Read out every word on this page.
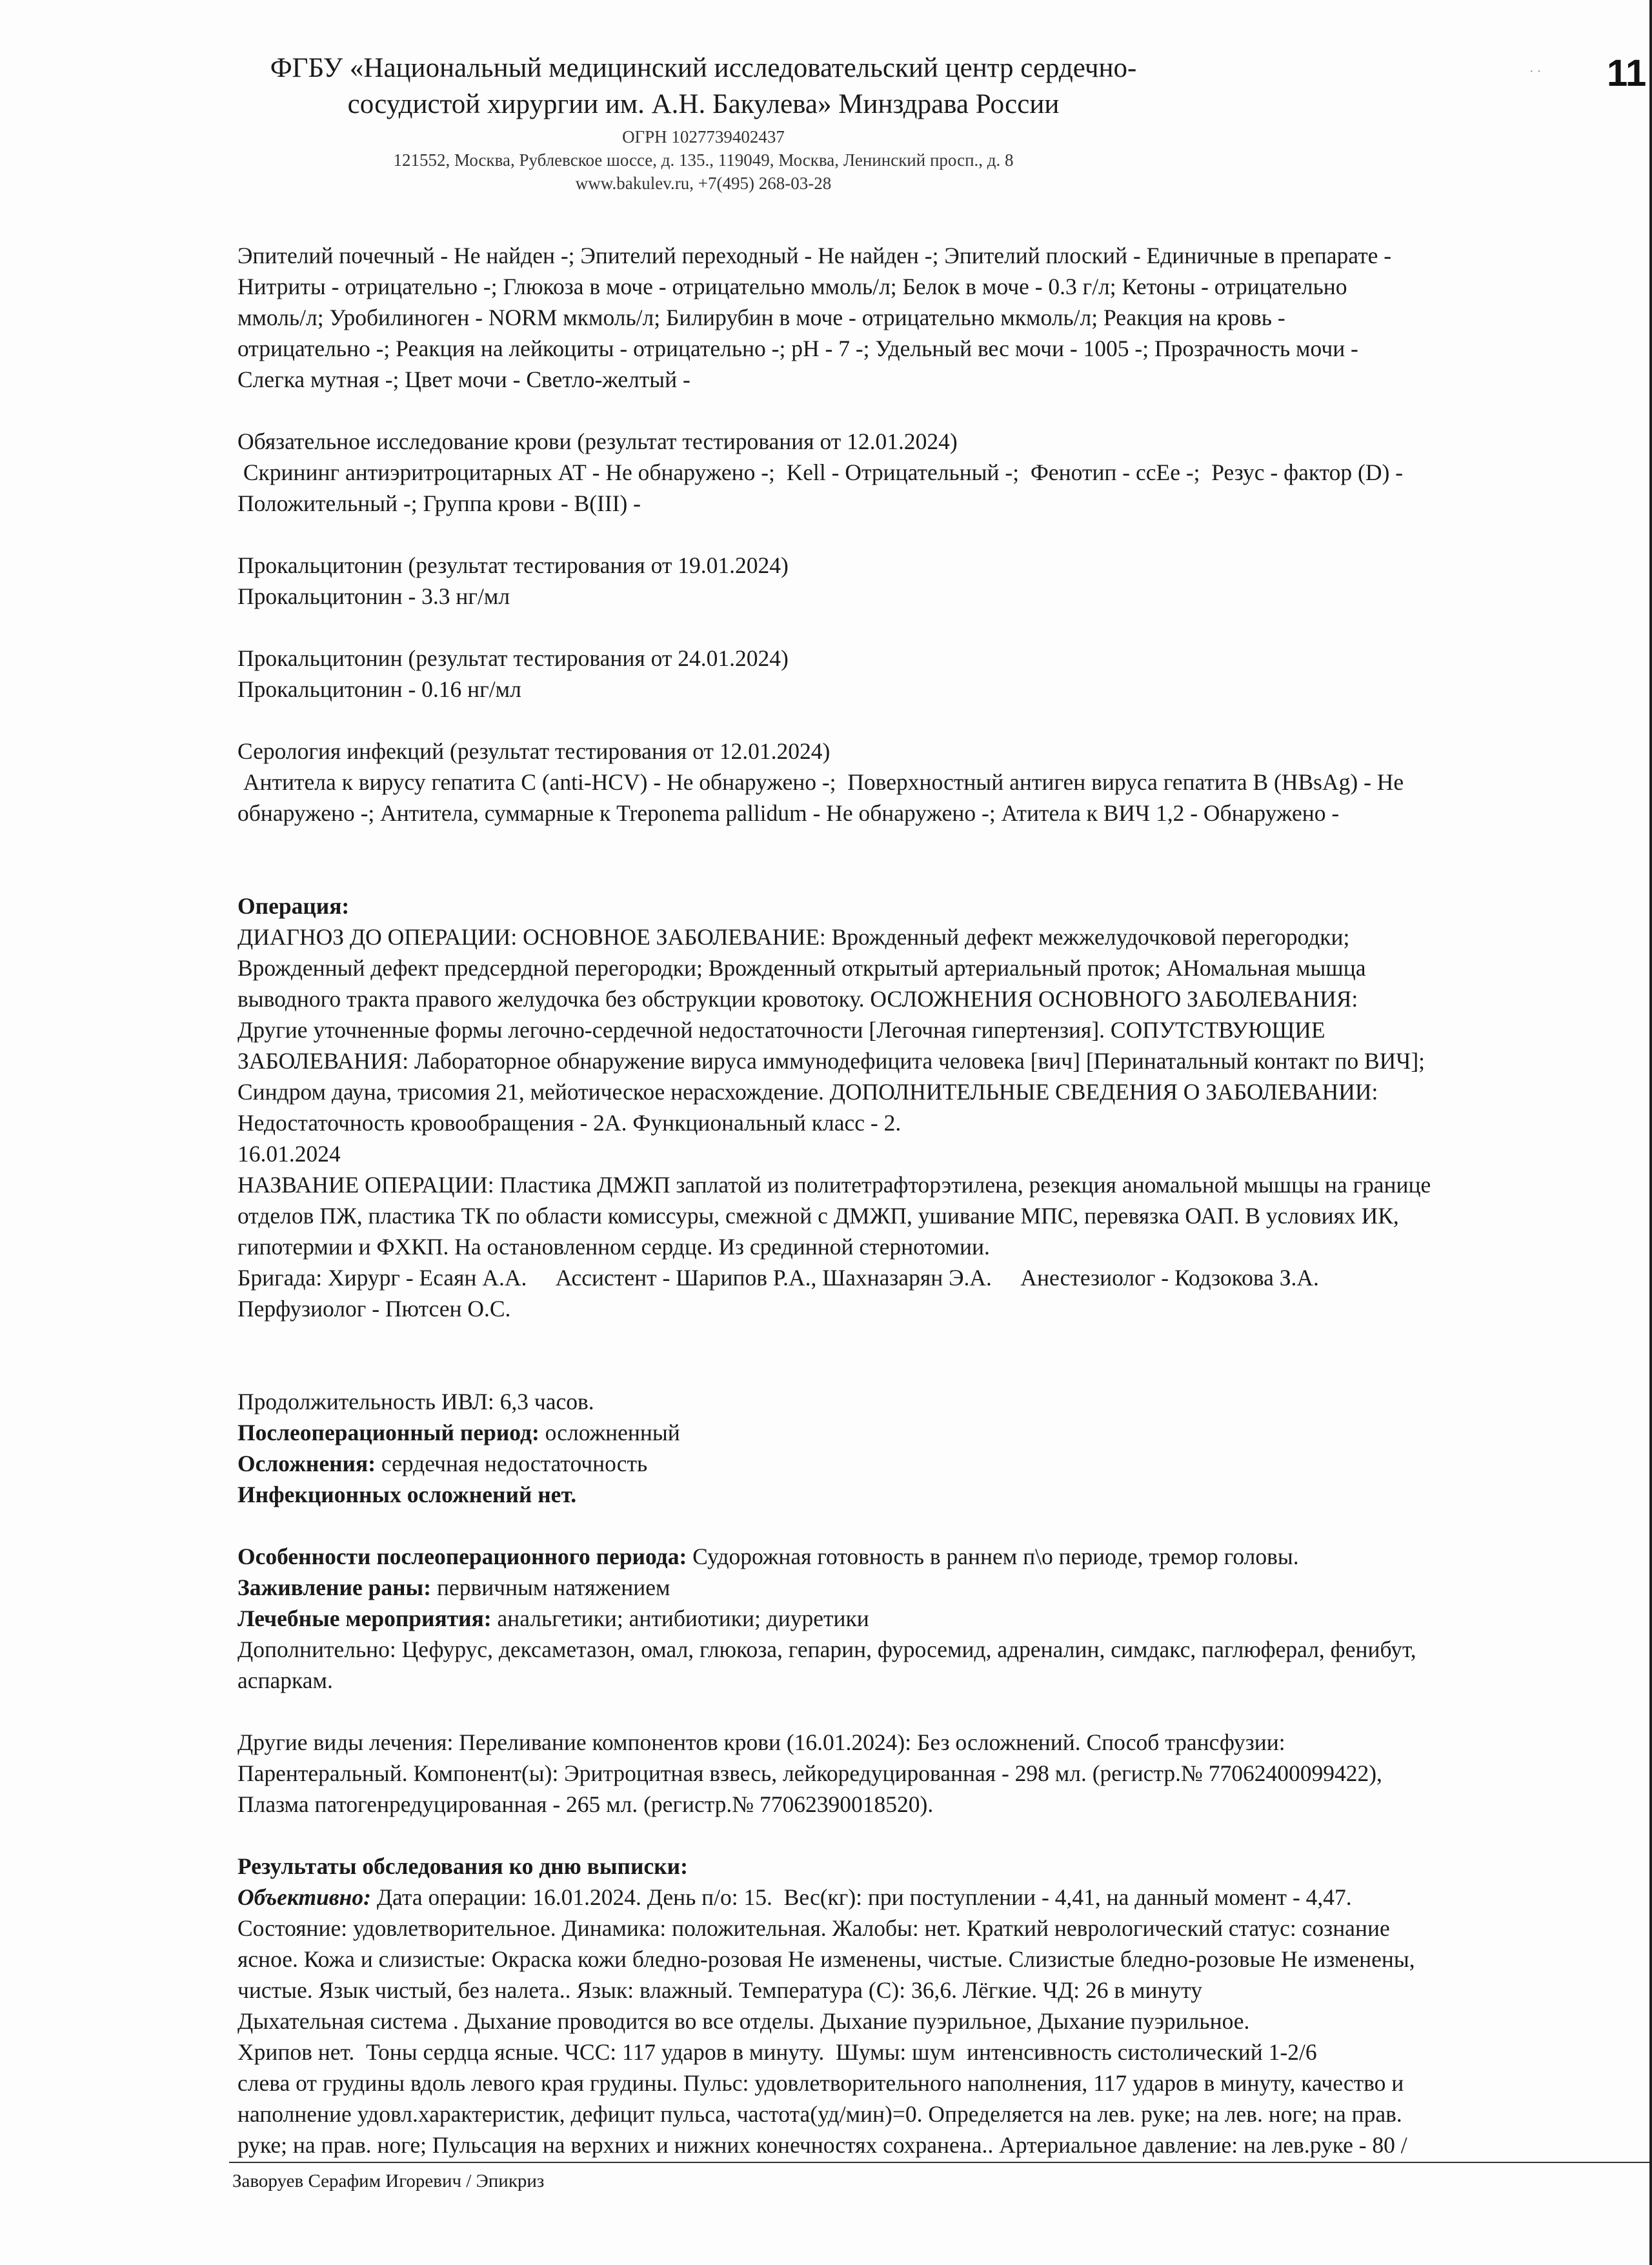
· ·	11
ФГБУ «Национальный медицинский исследовательский центр сердечно-
сосудистой хирургии им. А.Н. Бакулева» Минздрава России
ОГРН 1027739402437
121552, Москва, Рублевское шоссе, д. 135., 119049, Москва, Ленинский просп., д. 8
www.bakulev.ru, +7(495) 268-03-28

Эпителий почечный - Не найден -; Эпителий переходный - Не найден -; Эпителий плоский - Единичные в препарате -

Нитриты - отрицательно -; Глюкоза в моче - отрицательно ммоль/л; Белок в моче - 0.3 г/л; Кетоны - отрицательно

ммоль/л; Уробилиноген - NORM мкмоль/л; Билирубин в моче - отрицательно мкмоль/л; Реакция на кровь -

отрицательно -; Реакция на лейкоциты - отрицательно -; pH - 7 -; Удельный вес мочи - 1005 -; Прозрачность мочи -

Слегка мутная -; Цвет мочи - Светло-желтый -

Обязательное исследование крови (результат тестирования от 12.01.2024)

Скрининг антиэритроцитарных АТ - Не обнаружено -;  Kell - Отрицательный -;  Фенотип - ccEe -;  Резус - фактор (D) -

Положительный -; Группа крови - B(III) -

Прокальцитонин (результат тестирования от 19.01.2024)

Прокальцитонин - 3.3 нг/мл

Прокальцитонин (результат тестирования от 24.01.2024)

Прокальцитонин - 0.16 нг/мл

Серология инфекций (результат тестирования от 12.01.2024)

Антитела к вирусу гепатита C (anti-HCV) - Не обнаружено -;  Поверхностный антиген вируса гепатита B (HBsAg) - Не

обнаружено -; Антитела, суммарные к Treponema pallidum - Не обнаружено -; Атитела к ВИЧ 1,2 - Обнаружено -

Операция:

ДИАГНОЗ ДО ОПЕРАЦИИ: ОСНОВНОЕ ЗАБОЛЕВАНИЕ: Врожденный дефект межжелудочковой перегородки;

Врожденный дефект предсердной перегородки; Врожденный открытый артериальный проток; АНомальная мышца

выводного тракта правого желудочка без обструкции кровотоку. ОСЛОЖНЕНИЯ ОСНОВНОГО ЗАБОЛЕВАНИЯ:

Другие уточненные формы легочно-сердечной недостаточности [Легочная гипертензия]. СОПУТСТВУЮЩИЕ

ЗАБОЛЕВАНИЯ: Лабораторное обнаружение вируса иммунодефицита человека [вич] [Перинатальный контакт по ВИЧ];

Синдром дауна, трисомия 21, мейотическое нерасхождение. ДОПОЛНИТЕЛЬНЫЕ СВЕДЕНИЯ О ЗАБОЛЕВАНИИ:

Недостаточность кровообращения - 2А. Функциональный класс - 2.

16.01.2024

НАЗВАНИЕ ОПЕРАЦИИ: Пластика ДМЖП заплатой из политетрафторэтилена, резекция аномальной мышцы на границе

отделов ПЖ, пластика ТК по области комиссуры, смежной с ДМЖП, ушивание МПС, перевязка ОАП. В условиях ИК,

гипотермии и ФХКП. На остановленном сердце. Из срединной стернотомии.

Бригада: Хирург - Есаян А.А.     Ассистент - Шарипов Р.А., Шахназарян Э.А.     Анестезиолог - Кодзокова З.А.

Перфузиолог - Пютсен О.С.

Продолжительность ИВЛ: 6,3 часов.

Послеоперационный период: осложненный

Осложнения: сердечная недостаточность

Инфекционных осложнений нет.

Особенности послеоперационного периода: Судорожная готовность в раннем п\о периоде, тремор головы.

Заживление раны: первичным натяжением

Лечебные мероприятия: анальгетики; антибиотики; диуретики

Дополнительно: Цефурус, дексаметазон, омал, глюкоза, гепарин, фуросемид, адреналин, симдакс, паглюферал, фенибут,

аспаркам.

Другие виды лечения: Переливание компонентов крови (16.01.2024): Без осложнений. Способ трансфузии:

Парентеральный. Компонент(ы): Эритроцитная взвесь, лейкоредуцированная - 298 мл. (регистр.№ 77062400099422),

Плазма патогенредуцированная - 265 мл. (регистр.№ 77062390018520).

Результаты обследования ко дню выписки:

Объективно: Дата операции: 16.01.2024. День п/о: 15.  Вес(кг): при поступлении - 4,41, на данный момент - 4,47.

Состояние: удовлетворительное. Динамика: положительная. Жалобы: нет. Краткий неврологический статус: сознание

ясное. Кожа и слизистые: Окраска кожи бледно-розовая Не изменены, чистые. Слизистые бледно-розовые Не изменены,

чистые. Язык чистый, без налета.. Язык: влажный. Температура (С): 36,6. Лёгкие. ЧД: 26 в минуту

Дыхательная система . Дыхание проводится во все отделы. Дыхание пуэрильное, Дыхание пуэрильное.

Хрипов нет.  Тоны сердца ясные. ЧСС: 117 ударов в минуту.  Шумы: шум  интенсивность систолический 1-2/6

слева от грудины вдоль левого края грудины. Пульс: удовлетворительного наполнения, 117 ударов в минуту, качество и

наполнение удовл.характеристик, дефицит пульса, частота(уд/мин)=0. Определяется на лев. руке; на лев. ноге; на прав.

руке; на прав. ноге; Пульсация на верхних и нижних конечностях сохранена.. Артериальное давление: на лев.руке - 80 /

Заворуев Серафим Игоревич / Эпикриз
